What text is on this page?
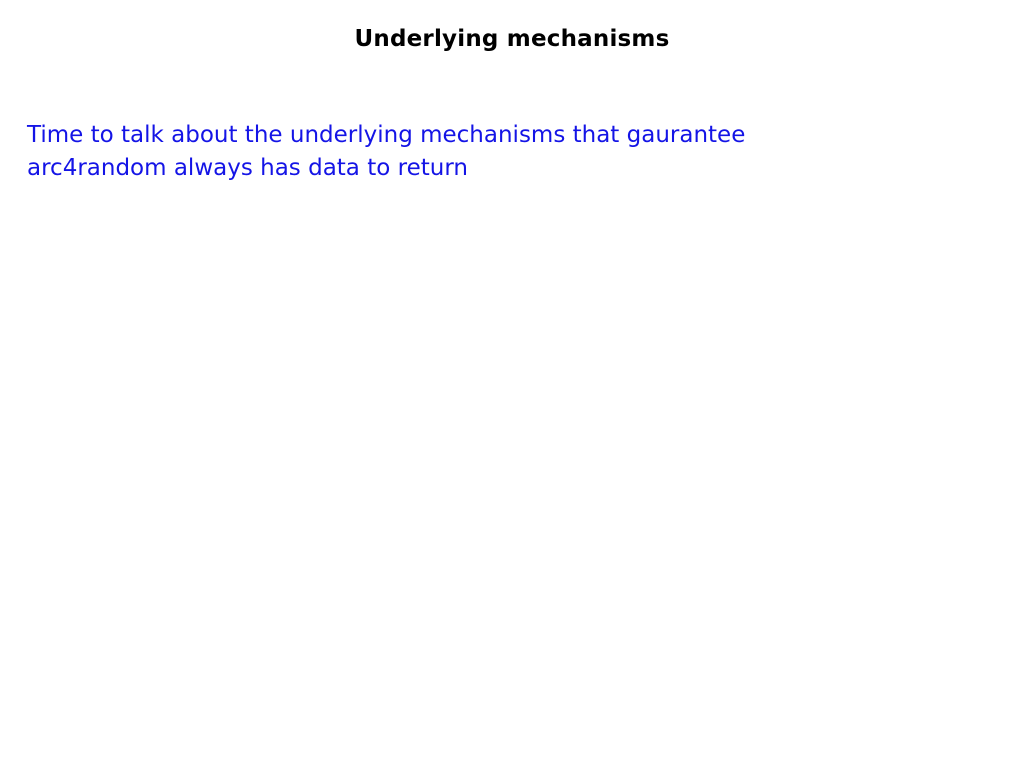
Underlying mechanisms
Time to talk about the underlying mechanisms that gaurantee
arc4random always has data to return
